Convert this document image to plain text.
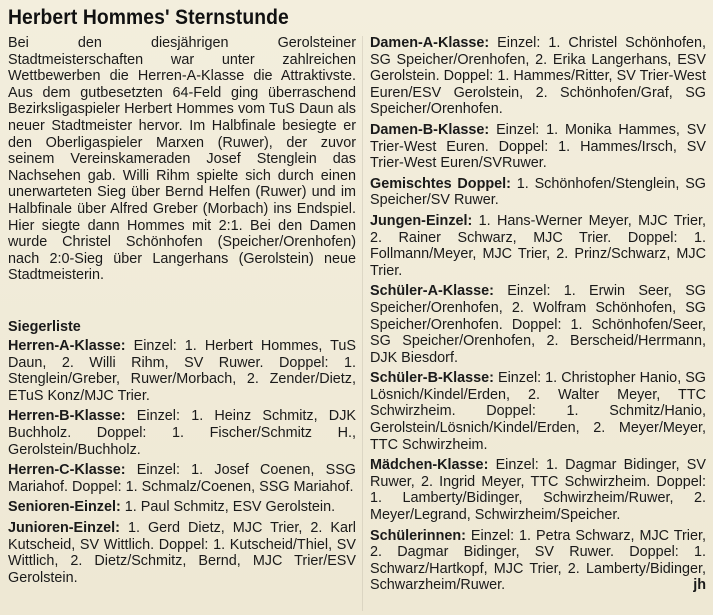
Herbert Hommes' Sternstunde

Bei den diesjährigen Gerolsteiner Stadtmeisterschaften war unter zahlreichen Wettbewerben die Herren-A-Klasse die Attraktivste. Aus dem gutbesetzten 64-Feld ging überraschend Bezirksligaspieler Herbert Hommes vom TuS Daun als neuer Stadtmeister hervor. Im Halbfinale besiegte er den Oberligaspieler Marxen (Ruwer), der zuvor seinem Vereinskameraden Josef Stenglein das Nachsehen gab. Willi Rihm spielte sich durch einen unerwarteten Sieg über Bernd Helfen (Ruwer) und im Halbfinale über Alfred Greber (Morbach) ins Endspiel. Hier siegte dann Hommes mit 2:1. Bei den Damen wurde Christel Schönhofen (Speicher/Orenhofen) nach 2:0-Sieg über Langerhans (Gerolstein) neue Stadtmeisterin.

Siegerliste

Herren-A-Klasse: Einzel: 1. Herbert Hommes, TuS Daun, 2. Willi Rihm, SV Ruwer. Doppel: 1. Stenglein/Greber, Ruwer/Morbach, 2. Zender/Dietz, ETuS Konz/MJC Trier.

Herren-B-Klasse: Einzel: 1. Heinz Schmitz, DJK Buchholz. Doppel: 1. Fischer/Schmitz H., Gerolstein/Buchholz.

Herren-C-Klasse: Einzel: 1. Josef Coenen, SSG Mariahof. Doppel: 1. Schmalz/Coenen, SSG Mariahof.

Senioren-Einzel: 1. Paul Schmitz, ESV Gerolstein.

Junioren-Einzel: 1. Gerd Dietz, MJC Trier, 2. Karl Kutscheid, SV Wittlich. Doppel: 1. Kutscheid/Thiel, SV Wittlich, 2. Dietz/Schmitz, Bernd, MJC Trier/ESV Gerolstein.

Damen-A-Klasse: Einzel: 1. Christel Schönhofen, SG Speicher/Orenhofen, 2. Erika Langerhans, ESV Gerolstein. Doppel: 1. Hammes/Ritter, SV Trier-West Euren/ESV Gerolstein, 2. Schönhofen/Graf, SG Speicher/Orenhofen.

Damen-B-Klasse: Einzel: 1. Monika Hammes, SV Trier-West Euren. Doppel: 1. Hammes/Irsch, SV Trier-West Euren/SVRuwer.

Gemischtes Doppel: 1. Schönhofen/Stenglein, SG Speicher/SV Ruwer.

Jungen-Einzel: 1. Hans-Werner Meyer, MJC Trier, 2. Rainer Schwarz, MJC Trier. Doppel: 1. Follmann/Meyer, MJC Trier, 2. Prinz/Schwarz, MJC Trier.

Schüler-A-Klasse: Einzel: 1. Erwin Seer, SG Speicher/Orenhofen, 2. Wolfram Schönhofen, SG Speicher/Orenhofen. Doppel: 1. Schönhofen/Seer, SG Speicher/Orenhofen, 2. Berscheid/Herrmann, DJK Biesdorf.

Schüler-B-Klasse: Einzel: 1. Christopher Hanio, SG Lösnich/Kindel/Erden, 2. Walter Meyer, TTC Schwirzheim. Doppel: 1. Schmitz/Hanio, Gerolstein/Lösnich/Kindel/Erden, 2. Meyer/Meyer, TTC Schwirzheim.

Mädchen-Klasse: Einzel: 1. Dagmar Bidinger, SV Ruwer, 2. Ingrid Meyer, TTC Schwirzheim. Doppel: 1. Lamberty/Bidinger, Schwirzheim/Ruwer, 2. Meyer/Legrand, Schwirzheim/Speicher.

Schülerinnen: Einzel: 1. Petra Schwarz, MJC Trier, 2. Dagmar Bidinger, SV Ruwer. Doppel: 1. Schwarz/Hartkopf, MJC Trier, 2. Lamberty/Bidinger, Schwarzheim/Ruwer.	jh
